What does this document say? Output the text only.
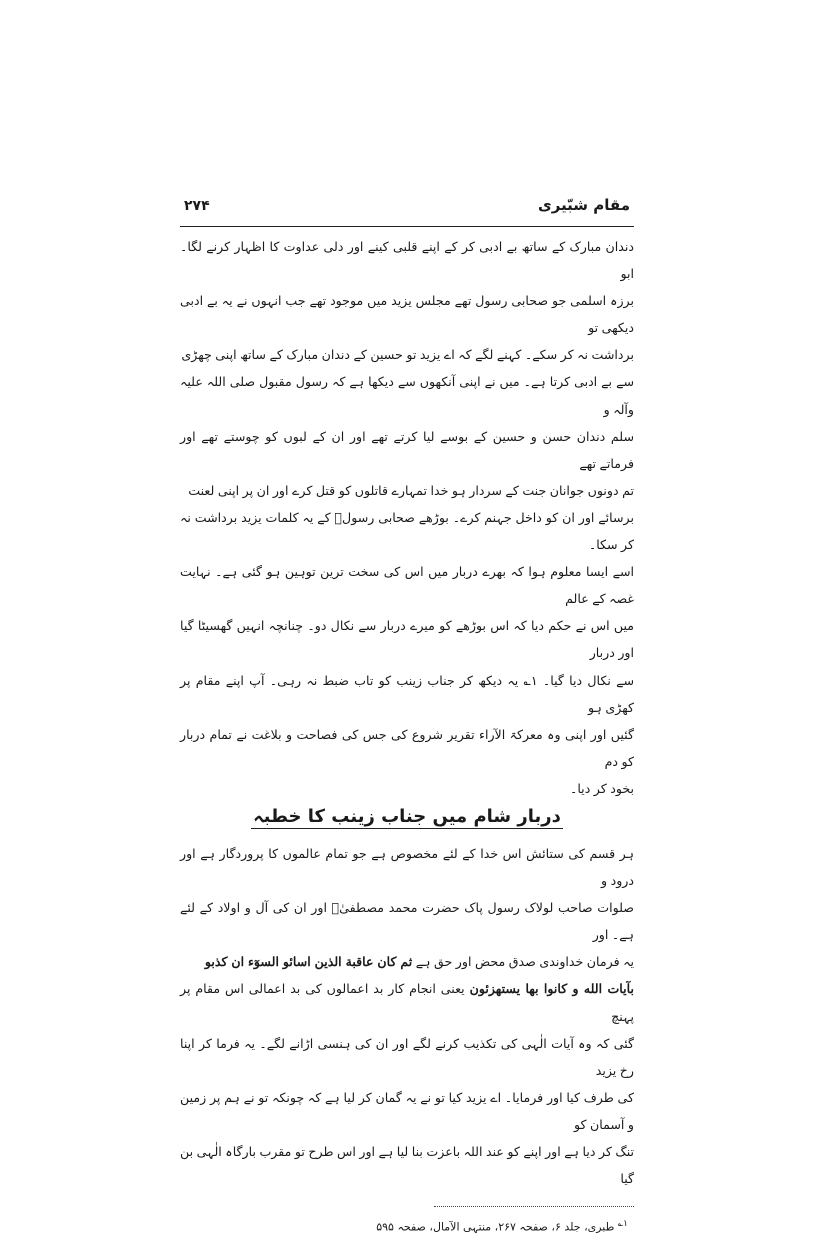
مقام شبّیری
۲۷۴
دندان مبارک کے ساتھ بے ادبی کر کے اپنے قلبی کینے اور دلی عداوت کا اظہار کرنے لگا۔ ابو
برزہ اسلمی جو صحابی رسول تھے مجلس یزید میں موجود تھے جب انہوں نے یہ بے ادبی دیکھی تو
برداشت نہ کر سکے۔ کہنے لگے کہ اے یزید تو حسین کے دندان مبارک کے ساتھ اپنی چھڑی
سے بے ادبی کرتا ہے۔ میں نے اپنی آنکھوں سے دیکھا ہے کہ رسول مقبول صلی اللہ علیہ وآلہ و
سلم دندان حسن و حسین کے بوسے لیا کرتے تھے اور ان کے لبوں کو چوستے تھے اور فرماتے تھے
تم دونوں جوانان جنت کے سردار ہو خدا تمہارے قاتلوں کو قتل کرے اور ان پر اپنی لعنت
برسائے اور ان کو داخل جہنم کرے۔ بوڑھے صحابی رسولؐ کے یہ کلمات یزید برداشت نہ کر سکا۔
اسے ایسا معلوم ہوا کہ بھرے دربار میں اس کی سخت ترین توہین ہو گئی ہے۔ نہایت غصہ کے عالم
میں اس نے حکم دیا کہ اس بوڑھے کو میرے دربار سے نکال دو۔ چنانچہ انہیں گھسیٹا گیا اور دربار
سے نکال دیا گیا۔ ۱؎ یہ دیکھ کر جناب زینب کو تاب ضبط نہ رہی۔ آپ اپنے مقام پر کھڑی ہو
گئیں اور اپنی وہ معرکۃ الآراء تقریر شروع کی جس کی فصاحت و بلاغت نے تمام دربار کو دم
بخود کر دیا۔
دربار شام میں جناب زینب کا خطبہ
ہر قسم کی ستائش اس خدا کے لئے مخصوص ہے جو تمام عالموں کا پروردگار ہے اور درود و
صلوات صاحب لولاک رسول پاک حضرت محمد مصطفیٰؐ اور ان کی آل و اولاد کے لئے ہے۔ اور
یہ فرمان خداوندی صدق محض اور حق ہے ثم كان عاقبة الذين اسائو السوٓء ان كذبو
بآیات الله و كانوا بها یستهزئون یعنی انجام کار بد اعمالوں کی بد اعمالی اس مقام پر پہنچ
گئی کہ وہ آیات الٰہی کی تکذیب کرنے لگے اور ان کی ہنسی اڑانے لگے۔ یہ فرما کر اپنا رخ یزید
کی طرف کیا اور فرمایا۔ اے یزید کیا تو نے یہ گمان کر لیا ہے کہ چونکہ تو نے ہم پر زمین و آسمان کو
تنگ کر دیا ہے اور اپنے کو عند اللہ باعزت بنا لیا ہے اور اس طرح تو مقرب بارگاہ الٰہی بن گیا
$^{۱؎}$ طبری، جلد ۶، صفحہ ۲۶۷، منتہی الآمال، صفحہ ۵۹۵
